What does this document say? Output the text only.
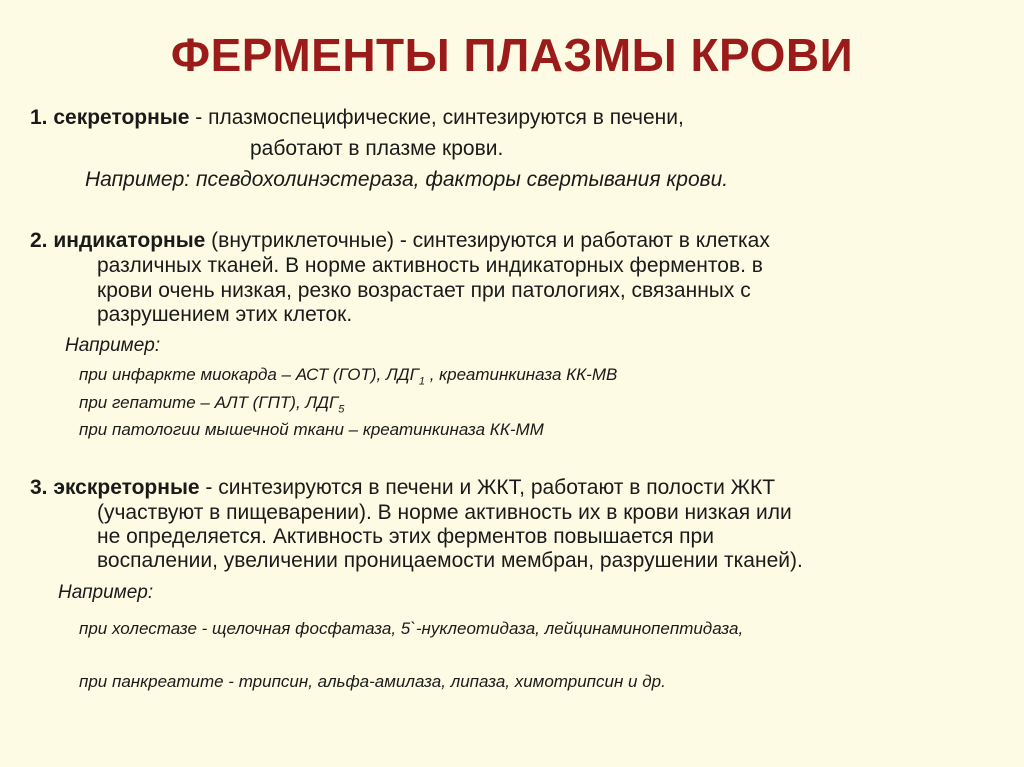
ФЕРМЕНТЫ ПЛАЗМЫ КРОВИ
1. секреторные - плазмоспецифические, синтезируются в печени,
работают в плазме крови.
Например: псевдохолинэстераза, факторы свертывания крови.
2. индикаторные (внутриклеточные) - синтезируются и работают в клетках
различных тканей. В норме активность индикаторных ферментов. в
крови очень низкая, резко возрастает при патологиях, связанных с
разрушением этих клеток.
Например:
при инфаркте миокарда – АСТ (ГОТ), $ЛДГ_1$ , креатинкиназа КК-МВ
при гепатите – АЛТ (ГПТ), $ЛДГ_5$
при патологии мышечной ткани – креатинкиназа КК-ММ
3. экскреторные - синтезируются в печени и ЖКТ, работают в полости ЖКТ
(участвуют в пищеварении). В норме активность их в крови низкая или
не определяется. Активность этих ферментов повышается при
воспалении, увеличении проницаемости мембран, разрушении тканей).
Например:
при холестазе - щелочная фосфатаза, 5`-нуклеотидаза, лейцинаминопептидаза,
при панкреатите - трипсин, альфа-амилаза, липаза, химотрипсин и др.
